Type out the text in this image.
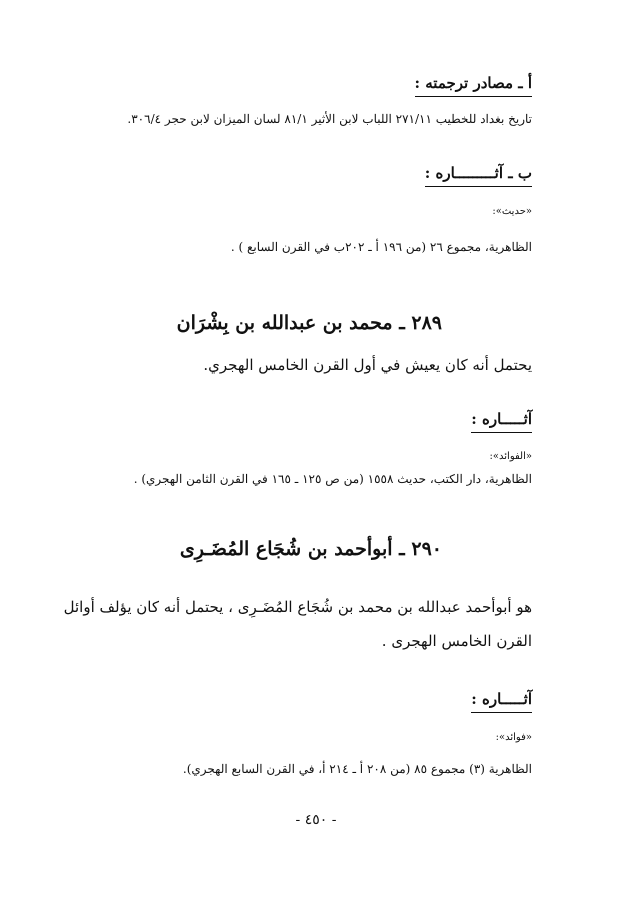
أ ـ مصادر ترجمته :
تاريخ بغداد للخطيب ٢٧١/١١ اللباب لابن الأثير ٨١/١ لسان الميزان لابن حجر ٣٠٦/٤.
ب ـ آثـــــــــاره :
«حديث»:
الظاهرية، مجموع ٢٦ (من ١٩٦ أ ـ ٢٠٢ب في القرن السابع ) .
٢٨٩ ـ محمد بن عبدالله بن بِشْرَان
يحتمل أنه كان يعيش في أول القرن الخامس الهجري.
آثـــــاره :
«الفوائد»:
الظاهرية، دار الكتب، حديث ١٥٥٨ (من ص ١٢٥ ـ ١٦٥ في القرن الثامن الهجري) .
٢٩٠ ـ أبوأحمد بن شُجَاع المُضَـرِى
هو أبوأحمد عبدالله بن محمد بن شُجَاع المُضَـرِى ، يحتمل أنه كان يؤلف أوائل
القرن الخامس الهجرى .
آثـــــاره :
«فوائد»:
الظاهرية (٣) مجموع ٨٥ (من ٢٠٨ أ ـ ٢١٤ أ، في القرن السابع الهجري).
- ٤٥٠ -
